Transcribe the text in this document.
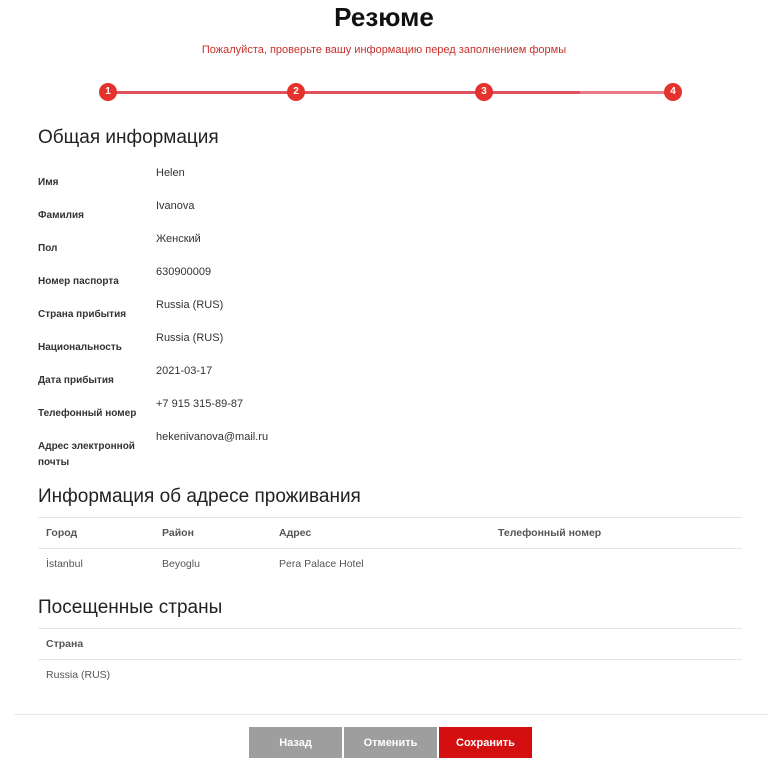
Резюме
Пожалуйста, проверьте вашу информацию перед заполнением формы
1	2	3	4
Общая информация
Имя
Helen
Фамилия
Ivanova
Пол
Женский
Номер паспорта
630900009
Страна прибытия
Russia (RUS)
Национальность
Russia (RUS)
Дата прибытия
2021-03-17
Телефонный номер
+7 915 315-89-87
Адрес электронной почты
hekenivanova@mail.ru
Информация об адресе проживания
Город	Район	Адрес	Телефонный номер
İstanbul	Beyoglu	Pera Palace Hotel	
Посещенные страны
Страна
Russia (RUS)
Назад	Отменить	Сохранить
